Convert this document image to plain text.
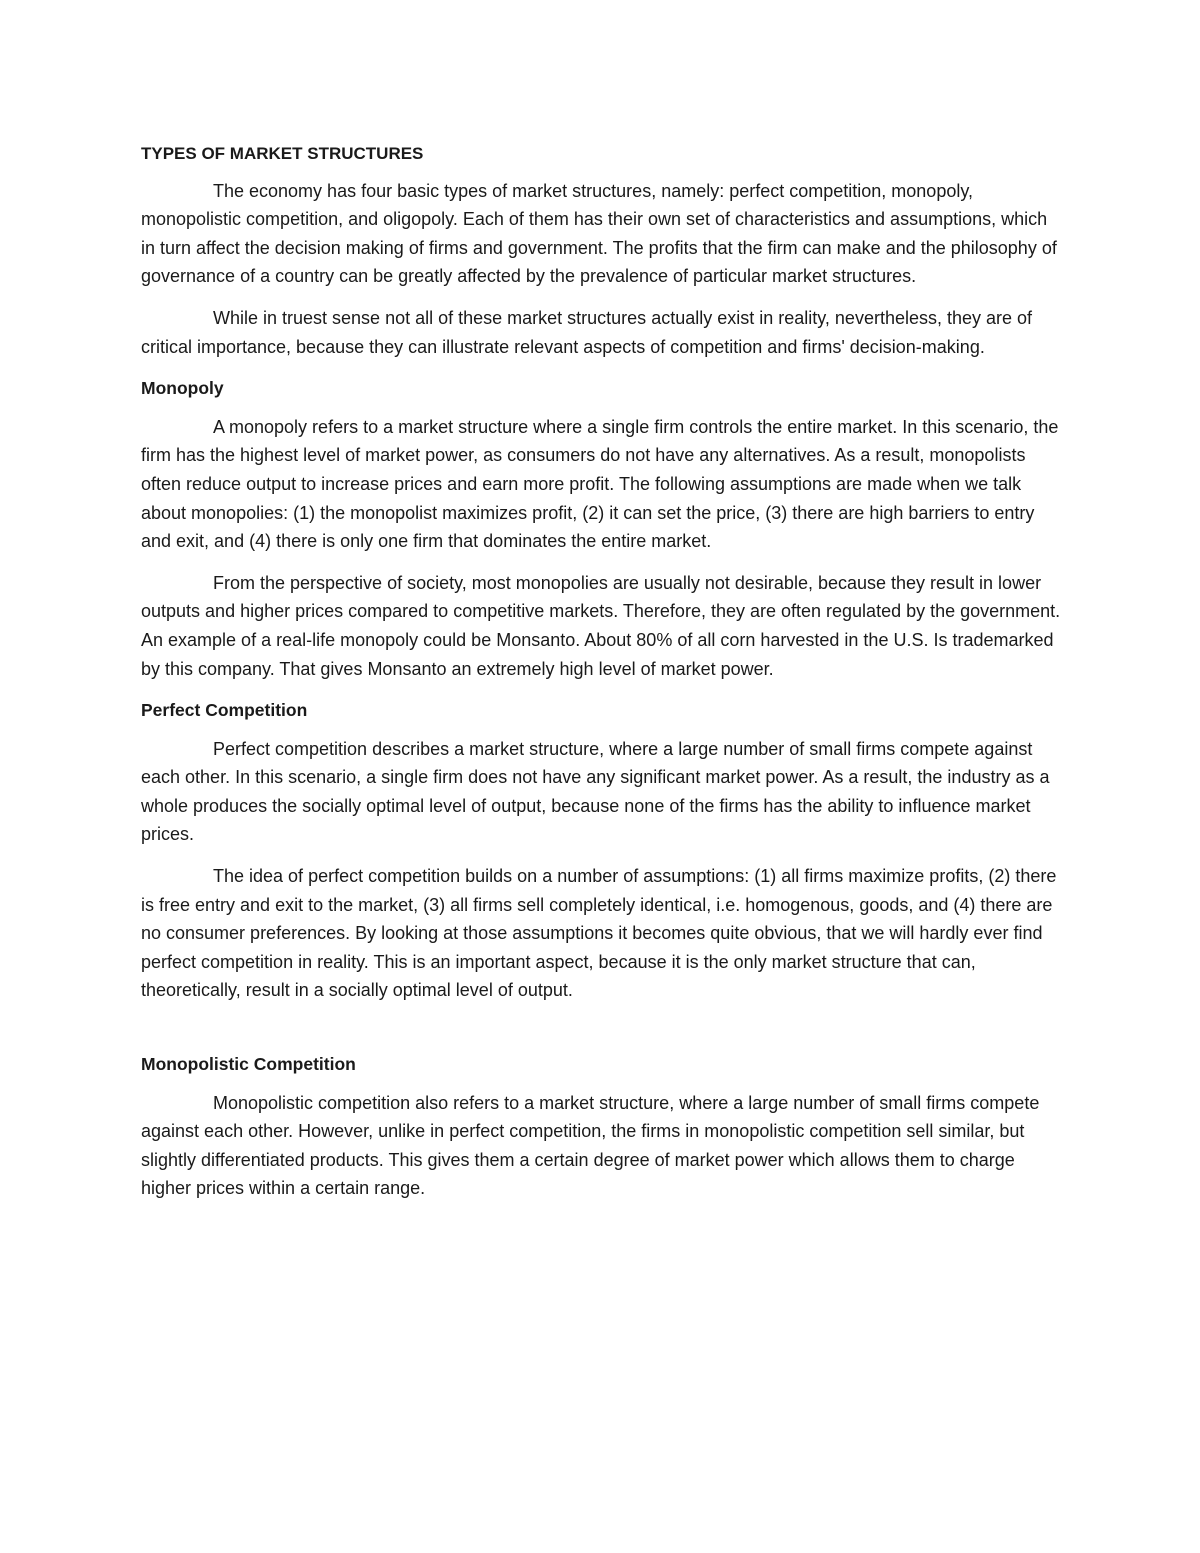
TYPES OF MARKET STRUCTURES

The economy has four basic types of market structures, namely: perfect competition, monopoly, monopolistic competition, and oligopoly. Each of them has their own set of characteristics and assumptions, which in turn affect the decision making of firms and government. The profits that the firm can make and the philosophy of governance of a country can be greatly affected by the prevalence of particular market structures.

While in truest sense not all of these market structures actually exist in reality, nevertheless, they are of critical importance, because they can illustrate relevant aspects of competition and firms' decision-making.

Monopoly

A monopoly refers to a market structure where a single firm controls the entire market. In this scenario, the firm has the highest level of market power, as consumers do not have any alternatives. As a result, monopolists often reduce output to increase prices and earn more profit. The following assumptions are made when we talk about monopolies: (1) the monopolist maximizes profit, (2) it can set the price, (3) there are high barriers to entry and exit, and (4) there is only one firm that dominates the entire market.

From the perspective of society, most monopolies are usually not desirable, because they result in lower outputs and higher prices compared to competitive markets. Therefore, they are often regulated by the government. An example of a real-life monopoly could be Monsanto. About 80% of all corn harvested in the U.S. Is trademarked by this company. That gives Monsanto an extremely high level of market power.

Perfect Competition

Perfect competition describes a market structure, where a large number of small firms compete against each other. In this scenario, a single firm does not have any significant market power. As a result, the industry as a whole produces the socially optimal level of output, because none of the firms has the ability to influence market prices.

The idea of perfect competition builds on a number of assumptions: (1) all firms maximize profits, (2) there is free entry and exit to the market, (3) all firms sell completely identical, i.e. homogenous, goods, and (4) there are no consumer preferences. By looking at those assumptions it becomes quite obvious, that we will hardly ever find perfect competition in reality. This is an important aspect, because it is the only market structure that can, theoretically, result in a socially optimal level of output.

Monopolistic Competition

Monopolistic competition also refers to a market structure, where a large number of small firms compete against each other. However, unlike in perfect competition, the firms in monopolistic competition sell similar, but slightly differentiated products. This gives them a certain degree of market power which allows them to charge higher prices within a certain range.
